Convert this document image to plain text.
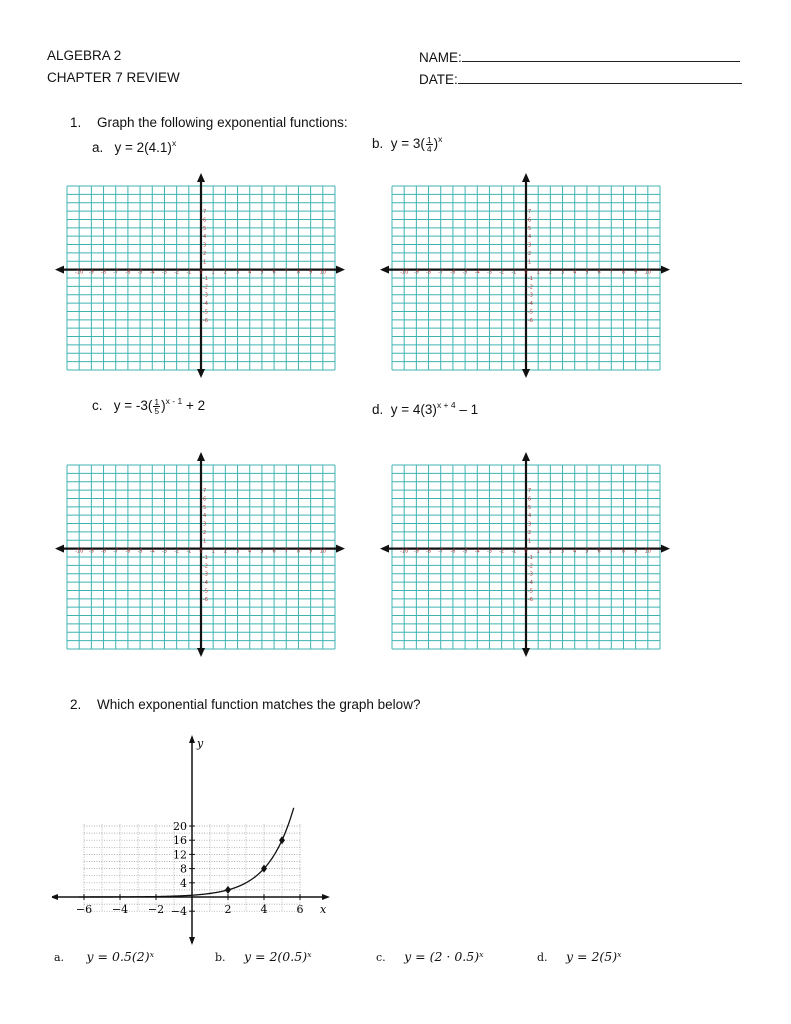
ALGEBRA 2
CHAPTER 7 REVIEW
NAME:
DATE:
1. Graph the following exponential functions:
a. $y = 2(4.1)^x$	b. $y = 3( \frac{1}{4} )^x$
c. $y = -3( \frac{1}{5} )^{x - 1} + 2$	d. $y = 4(3)^{x + 4} - 1$
-10 -9 -8 -7 -6 -5 -4 -3 -2 -1 0 1 2 3 4 5 6 7 8 9 10
7
6
5
4
3
2
1
-1
-2
-3
-4
-5
-6
-10 -9 -8 -7 -6 -5 -4 -3 -2 -1 0 1 2 3 4 5 6 7 8 9 10
7
6
5
4
3
2
1
-1
-2
-3
-4
-5
-6
-10 -9 -8 -7 -6 -5 -4 -3 -2 -1 0 1 2 3 4 5 6 7 8 9 10
7
6
5
4
3
2
1
-1
-2
-3
-4
-5
-6
-10 -9 -8 -7 -6 -5 -4 -3 -2 -1 0 1 2 3 4 5 6 7 8 9 10
7
6
5
4
3
2
1
-1
-2
-3
-4
-5
-6
2. Which exponential function matches the graph below?
x
y
−6 −4 −2	2	4	6
−4
4
8
12
16
20
a. y = 0.5(2)ˣ	b. y = 2(0.5)ˣ	c. y = (2 · 0.5)ˣ	d. y = 2(5)ˣ
